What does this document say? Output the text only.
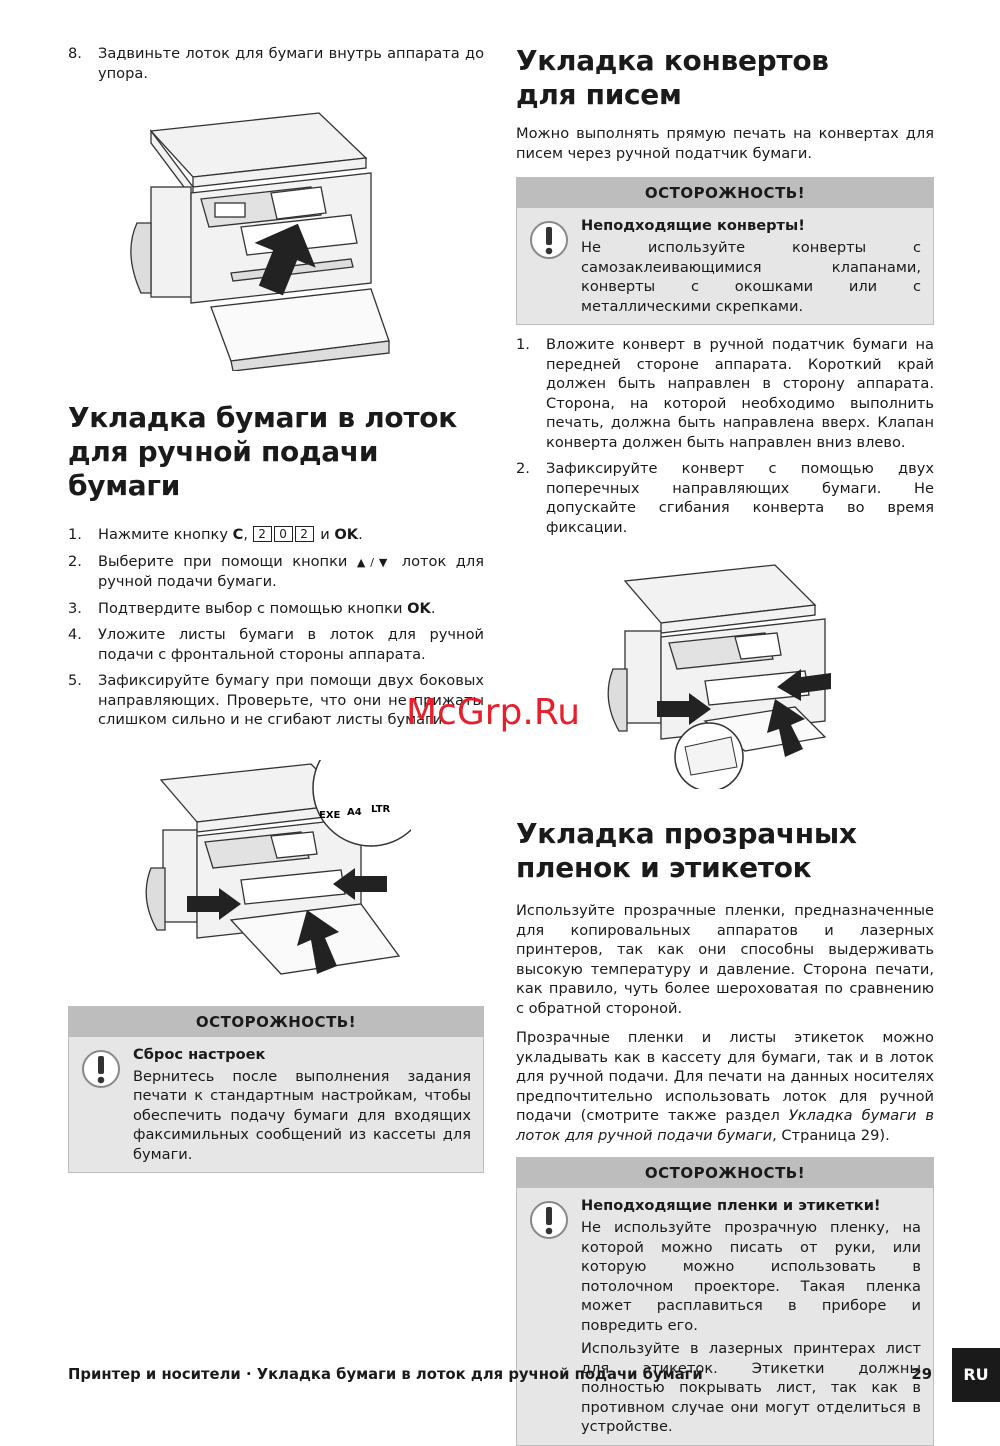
8. Задвиньте лоток для бумаги внутрь аппарата до упора.
Укладка бумаги в лоток для ручной подачи бумаги
1. Нажмите кнопку C, 2 0 2 и OK.
2. Выберите при помощи кнопки ▲/▼ лоток для ручной подачи бумаги.
3. Подтвердите выбор с помощью кнопки OK.
4. Уложите листы бумаги в лоток для ручной подачи с фронтальной стороны аппарата.
5. Зафиксируйте бумагу при помощи двух боковых направляющих. Проверьте, что они не прижаты слишком сильно и не сгибают листы бумаги.
EXE A4 LTR
ОСТОРОЖНОСТЬ!
Сброс настроек

Вернитесь после выполнения задания печати к стандартным настройкам, чтобы обеспечить подачу бумаги для входящих факсимильных сообщений из кассеты для бумаги.

Укладка конвертов для писем

Можно выполнять прямую печать на конвертах для писем через ручной податчик бумаги.

ОСТОРОЖНОСТЬ!
Неподходящие конверты!

Не используйте конверты с самозаклеивающимися клапанами, конверты с окошками или с металлическими скрепками.

1. Вложите конверт в ручной податчик бумаги на передней стороне аппарата. Короткий край должен быть направлен в сторону аппарата. Сторона, на которой необходимо выполнить печать, должна быть направлена вверх. Клапан конверта должен быть направлен вниз влево.
2. Зафиксируйте конверт с помощью двух поперечных направляющих бумаги. Не допускайте сгибания конверта во время фиксации.
Укладка прозрачных пленок и этикеток

Используйте прозрачные пленки, предназначенные для копировальных аппаратов и лазерных принтеров, так как они способны выдерживать высокую температуру и давление. Сторона печати, как правило, чуть более шероховатая по сравнению с обратной стороной.

Прозрачные пленки и листы этикеток можно укладывать как в кассету для бумаги, так и в лоток для ручной подачи. Для печати на данных носителях предпочтительно использовать лоток для ручной подачи (смотрите также раздел Укладка бумаги в лоток для ручной подачи бумаги, Страница 29).

ОСТОРОЖНОСТЬ!
Неподходящие пленки и этикетки!

Не используйте прозрачную пленку, на которой можно писать от руки, или которую можно использовать в потолочном проекторе. Такая пленка может расплавиться в приборе и повредить его.

Используйте в лазерных принтерах лист для этикеток. Этикетки должны полностью покрывать лист, так как в противном случае они могут отделиться в устройстве.

McGrp.Ru
Принтер и носители · Укладка бумаги в лоток для ручной подачи бумаги	29	RU
